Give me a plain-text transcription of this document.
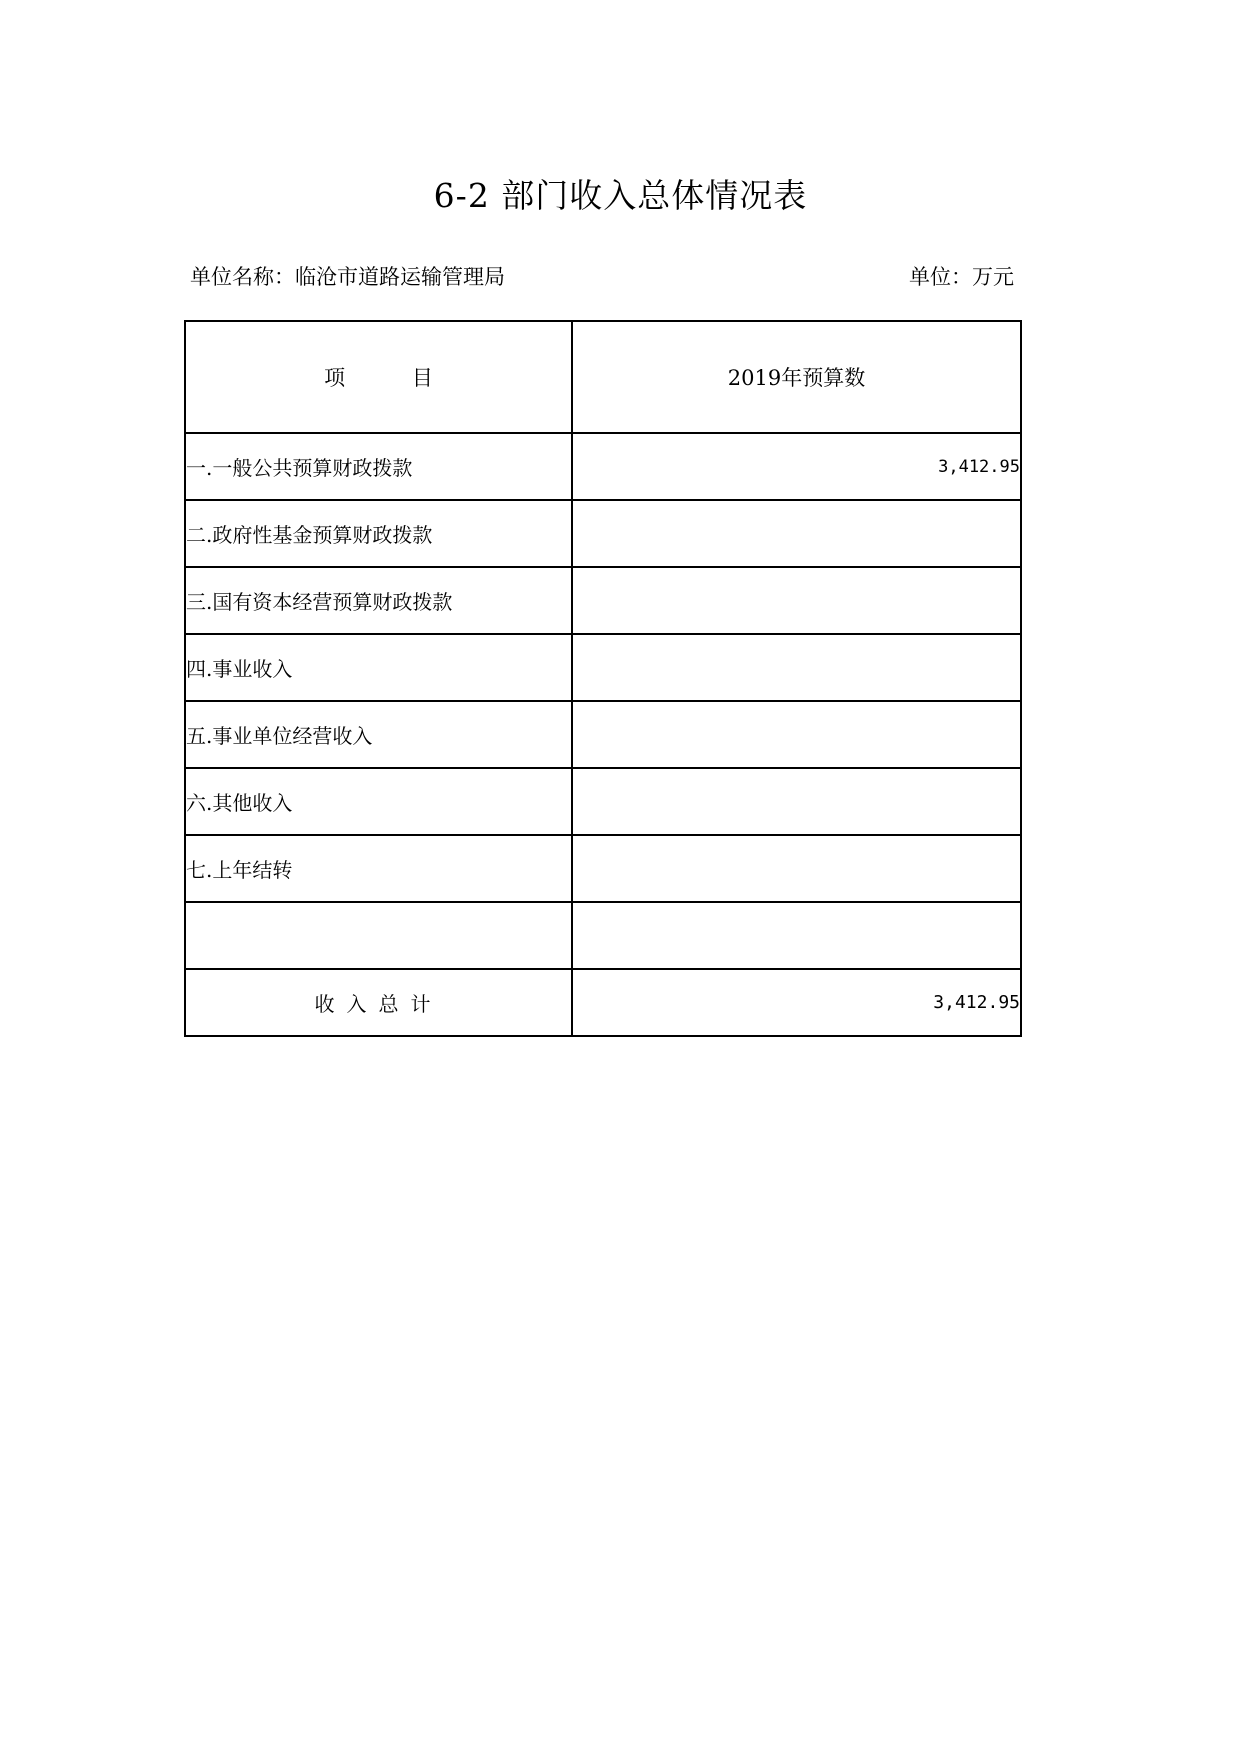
6-2 部门收入总体情况表
单位名称：临沧市道路运输管理局	单位：万元
项          目	2019年预算数
一.一般公共预算财政拨款	3,412.95
二.政府性基金预算财政拨款	
三.国有资本经营预算财政拨款	
四.事业收入	
五.事业单位经营收入	
六.其他收入	
七.上年结转	

收入总计	3,412.95
